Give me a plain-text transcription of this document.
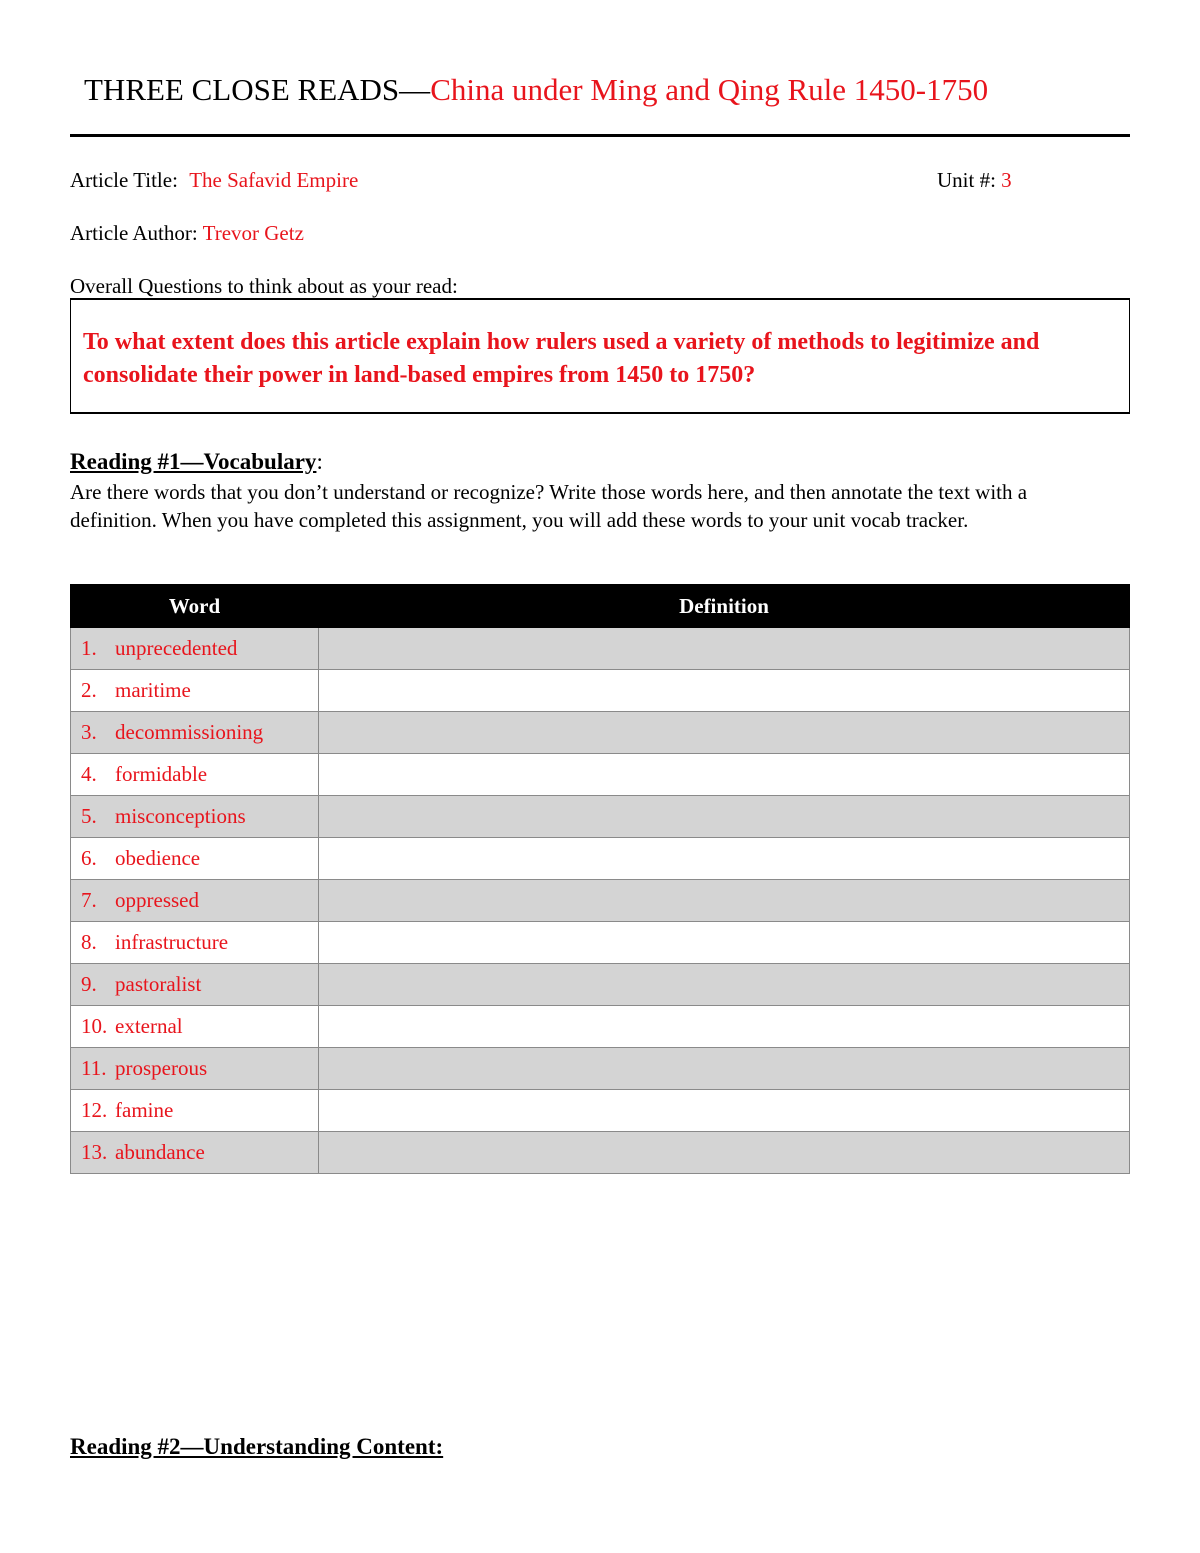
THREE CLOSE READS—China under Ming and Qing Rule 1450-1750
Article Title: The Safavid Empire	Unit #: 3
Article Author: Trevor Getz
Overall Questions to think about as your read:
To what extent does this article explain how rulers used a variety of methods to legitimize and consolidate their power in land-based empires from 1450 to 1750?
Reading #1—Vocabulary:
Are there words that you don’t understand or recognize? Write those words here, and then annotate the text with a definition. When you have completed this assignment, you will add these words to your unit vocab tracker.
Word	Definition
1. unprecedented	
2. maritime	
3. decommissioning	
4. formidable	
5. misconceptions	
6. obedience	
7. oppressed	
8. infrastructure	
9. pastoralist	
10. external	
11. prosperous	
12. famine	
13. abundance	
Reading #2—Understanding Content:
